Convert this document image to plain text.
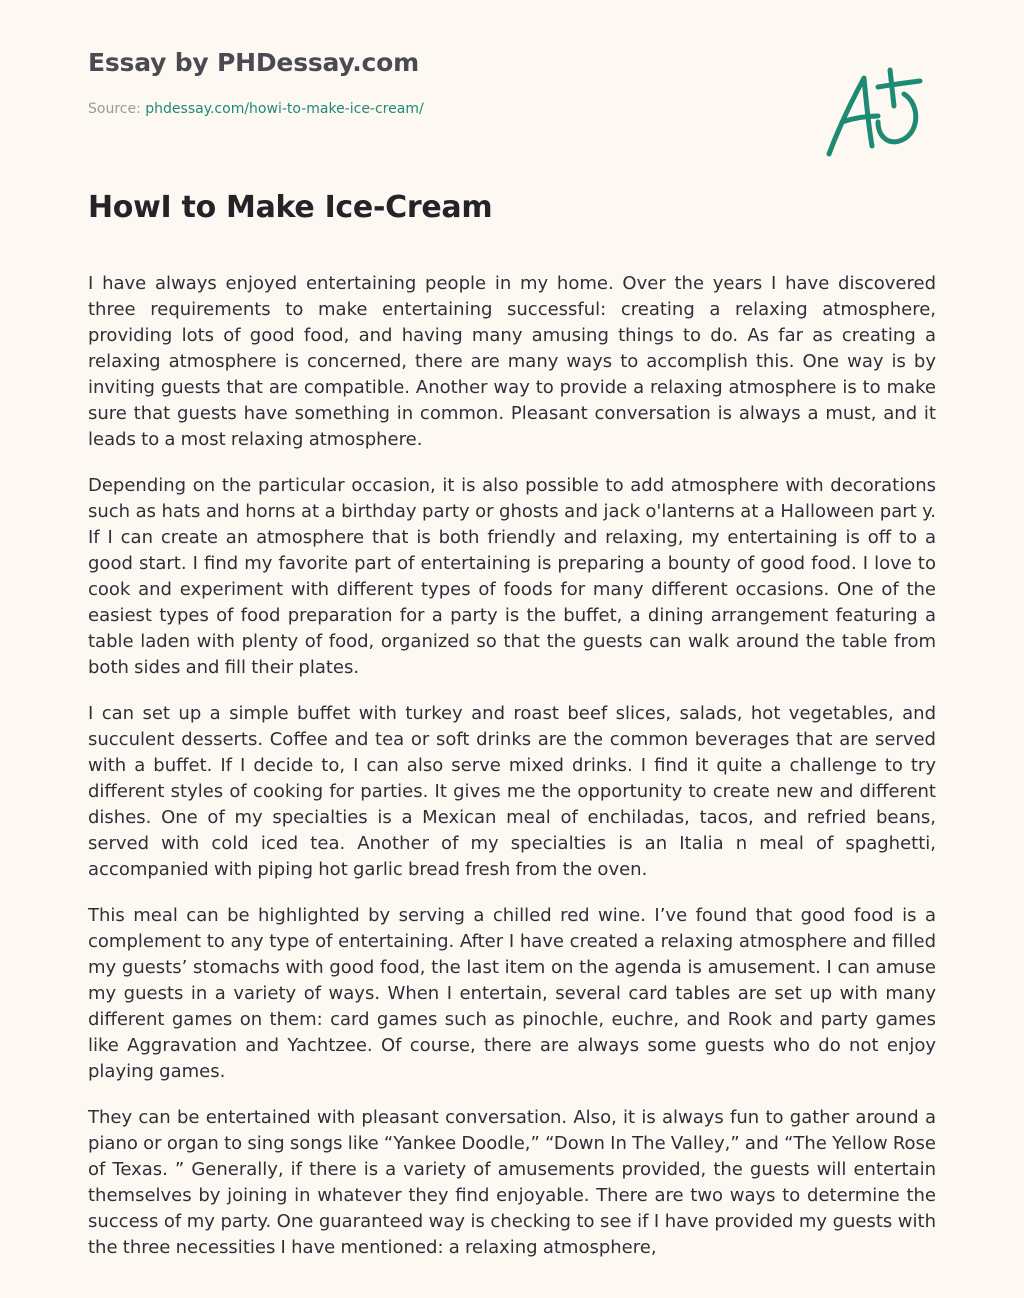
Essay by PHDessay.com

Source: phdessay.com/howi-to-make-ice-cream/

HowI to Make Ice-Cream

I have always enjoyed entertaining people in my home. Over the years I have discovered three requirements to make entertaining successful: creating a relaxing atmosphere, providing lots of good food, and having many amusing things to do. As far as creating a relaxing atmosphere is concerned, there are many ways to accomplish this. One way is by inviting guests that are compatible. Another way to provide a relaxing atmosphere is to make sure that guests have something in common. Pleasant conversation is always a must, and it leads to a most relaxing atmosphere.

Depending on the particular occasion, it is also possible to add atmosphere with decorations such as hats and horns at a birthday party or ghosts and jack o'lanterns at a Halloween part y. If I can create an atmosphere that is both friendly and relaxing, my entertaining is off to a good start. I find my favorite part of entertaining is preparing a bounty of good food. I love to cook and experiment with different types of foods for many different occasions. One of the easiest types of food preparation for a party is the buffet, a dining arrangement featuring a table laden with plenty of food, organized so that the guests can walk around the table from both sides and fill their plates.

I can set up a simple buffet with turkey and roast beef slices, salads, hot vegetables, and succulent desserts. Coffee and tea or soft drinks are the common beverages that are served with a buffet. If I decide to, I can also serve mixed drinks. I find it quite a challenge to try different styles of cooking for parties. It gives me the opportunity to create new and different dishes. One of my specialties is a Mexican meal of enchiladas, tacos, and refried beans, served with cold iced tea. Another of my specialties is an Italia n meal of spaghetti, accompanied with piping hot garlic bread fresh from the oven.

This meal can be highlighted by serving a chilled red wine. I’ve found that good food is a complement to any type of entertaining. After I have created a relaxing atmosphere and filled my guests’ stomachs with good food, the last item on the agenda is amusement. I can amuse my guests in a variety of ways. When I entertain, several card tables are set up with many different games on them: card games such as pinochle, euchre, and Rook and party games like Aggravation and Yachtzee. Of course, there are always some guests who do not enjoy playing games.

They can be entertained with pleasant conversation. Also, it is always fun to gather around a piano or organ to sing songs like “Yankee Doodle,” “Down In The Valley,” and “The Yellow Rose of Texas. ” Generally, if there is a variety of amusements provided, the guests will entertain themselves by joining in whatever they find enjoyable. There are two ways to determine the success of my party. One guaranteed way is checking to see if I have provided my guests with the three necessities I have mentioned: a relaxing atmosphere,
